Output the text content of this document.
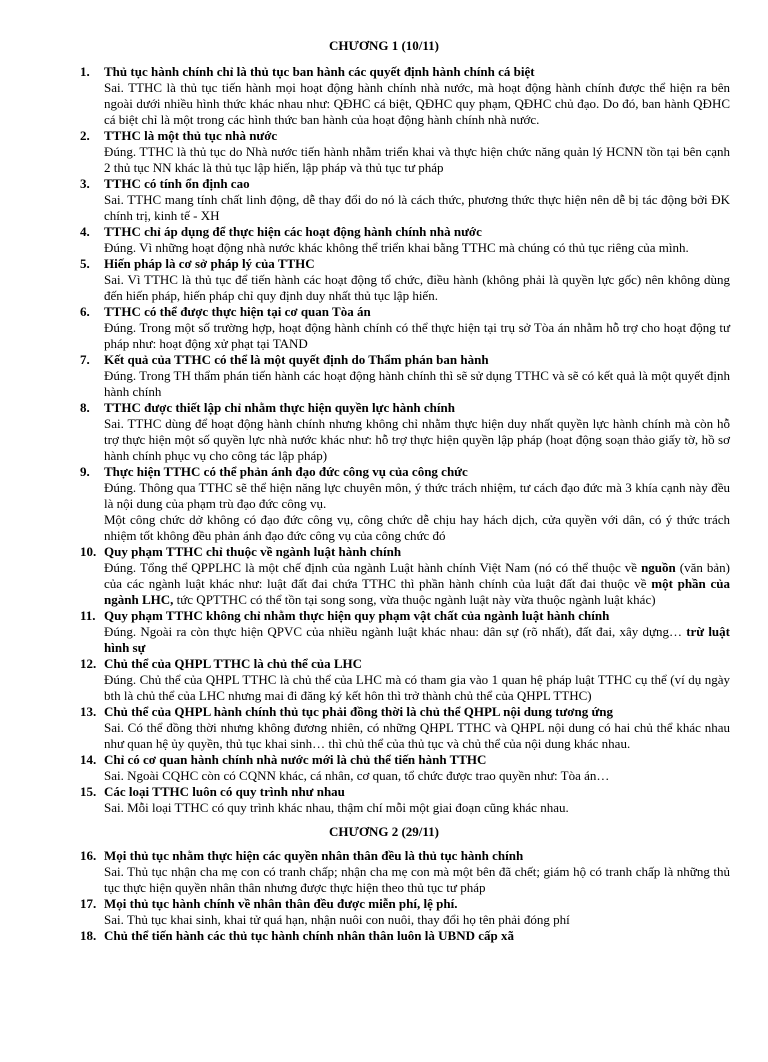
CHƯƠNG 1 (10/11)
1.	Thủ tục hành chính chỉ là thủ tục ban hành các quyết định hành chính cá biệt
Sai. TTHC là thủ tục tiến hành mọi hoạt động hành chính nhà nước, mà hoạt động hành chính được thể hiện ra bên ngoài dưới nhiều hình thức khác nhau như: QĐHC cá biệt, QĐHC quy phạm, QĐHC chủ đạo. Do đó, ban hành QĐHC cá biệt chỉ là một trong các hình thức ban hành của hoạt động hành chính nhà nước.
2.	TTHC là một thủ tục nhà nước
Đúng. TTHC là thủ tục do Nhà nước tiến hành nhằm triển khai và thực hiện chức năng quản lý HCNN tồn tại bên cạnh 2 thủ tục NN khác là thủ tục lập hiến, lập pháp và thủ tục tư pháp
3.	TTHC có tính ổn định cao
Sai. TTHC mang tính chất linh động, dễ thay đổi do nó là cách thức, phương thức thực hiện nên dễ bị tác động bởi ĐK chính trị, kinh tế - XH
4.	TTHC chỉ áp dụng để thực hiện các hoạt động hành chính nhà nước
Đúng. Vì những hoạt động nhà nước khác không thể triển khai bằng TTHC mà chúng có thủ tục riêng của mình.
5.	Hiến pháp là cơ sở pháp lý của TTHC
Sai. Vì TTHC là thủ tục để tiến hành các hoạt động tổ chức, điều hành (không phải là quyền lực gốc) nên không dùng đến hiến pháp, hiến pháp chỉ quy định duy nhất thủ tục lập hiến.
6.	TTHC có thể được thực hiện tại cơ quan Tòa án
Đúng. Trong một số trường hợp, hoạt động hành chính có thể thực hiện tại trụ sở Tòa án nhằm hỗ trợ cho hoạt động tư pháp như: hoạt động xử phạt tại TAND
7.	Kết quả của TTHC có thể là một quyết định do Thẩm phán ban hành
Đúng. Trong TH thẩm phán tiến hành các hoạt động hành chính thì sẽ sử dụng TTHC và sẽ có kết quả là một quyết định hành chính
8.	TTHC được thiết lập chỉ nhằm thực hiện quyền lực hành chính
Sai. TTHC dùng để hoạt động hành chính nhưng không chỉ nhằm thực hiện duy nhất quyền lực hành chính mà còn hỗ trợ thực hiện một số quyền lực nhà nước khác như: hỗ trợ thực hiện quyền lập pháp (hoạt động soạn thảo giấy tờ, hồ sơ hành chính phục vụ cho công tác lập pháp)
9.	Thực hiện TTHC có thể phản ánh đạo đức công vụ của công chức
Đúng. Thông qua TTHC sẽ thể hiện năng lực chuyên môn, ý thức trách nhiệm, tư cách đạo đức mà 3 khía cạnh này đều là nội dung của phạm trù đạo đức công vụ.
Một công chức dở không có đạo đức công vụ, công chức dễ chịu hay hách dịch, cửa quyền với dân, có ý thức trách nhiệm tốt không đều phản ánh đạo đức công vụ của công chức đó
10. Quy phạm TTHC chỉ thuộc về ngành luật hành chính
Đúng. Tổng thể QPPLHC là một chế định của ngành Luật hành chính Việt Nam (nó có thể thuộc về nguồn (văn bản) của các ngành luật khác như: luật đất đai chứa TTHC thì phần hành chính của luật đất đai thuộc về một phần của ngành LHC, tức QPTTHC có thể tồn tại song song, vừa thuộc ngành luật này vừa thuộc ngành luật khác)
11. Quy phạm TTHC không chỉ nhằm thực hiện quy phạm vật chất của ngành luật hành chính
Đúng. Ngoài ra còn thực hiện QPVC của nhiều ngành luật khác nhau: dân sự (rõ nhất), đất đai, xây dựng… trừ luật hình sự
12. Chủ thể của QHPL TTHC là chủ thể của LHC
Đúng. Chủ thể của QHPL TTHC là chủ thể của LHC mà có tham gia vào 1 quan hệ pháp luật TTHC cụ thể (ví dụ ngày bth là chủ thể của LHC nhưng mai đi đăng ký kết hôn thì trở thành chủ thể của QHPL TTHC)
13. Chủ thể của QHPL hành chính thủ tục phải đồng thời là chủ thể QHPL nội dung tương ứng
Sai. Có thể đồng thời nhưng không đương nhiên, có những QHPL TTHC và QHPL nội dung có hai chủ thể khác nhau như quan hệ ủy quyền, thủ tục khai sinh… thì chủ thể của thủ tục và chủ thể của nội dung khác nhau.
14. Chỉ có cơ quan hành chính nhà nước mới là chủ thể tiến hành TTHC
Sai. Ngoài CQHC còn có CQNN khác, cá nhân, cơ quan, tổ chức được trao quyền như: Tòa án…
15. Các loại TTHC luôn có quy trình như nhau
Sai. Mỗi loại TTHC có quy trình khác nhau, thậm chí mỗi một giai đoạn cũng khác nhau.
CHƯƠNG 2 (29/11)
16. Mọi thủ tục nhằm thực hiện các quyền nhân thân đều là thủ tục hành chính
Sai. Thủ tục nhận cha mẹ con có tranh chấp; nhận cha mẹ con mà một bên đã chết; giám hộ có tranh chấp là những thủ tục thực hiện quyền nhân thân nhưng được thực hiện theo thủ tục tư pháp
17. Mọi thủ tục hành chính về nhân thân đều được miễn phí, lệ phí.
Sai. Thủ tục khai sinh, khai tử quá hạn, nhận nuôi con nuôi, thay đổi họ tên phải đóng phí
18. Chủ thể tiến hành các thủ tục hành chính nhân thân luôn là UBND cấp xã
